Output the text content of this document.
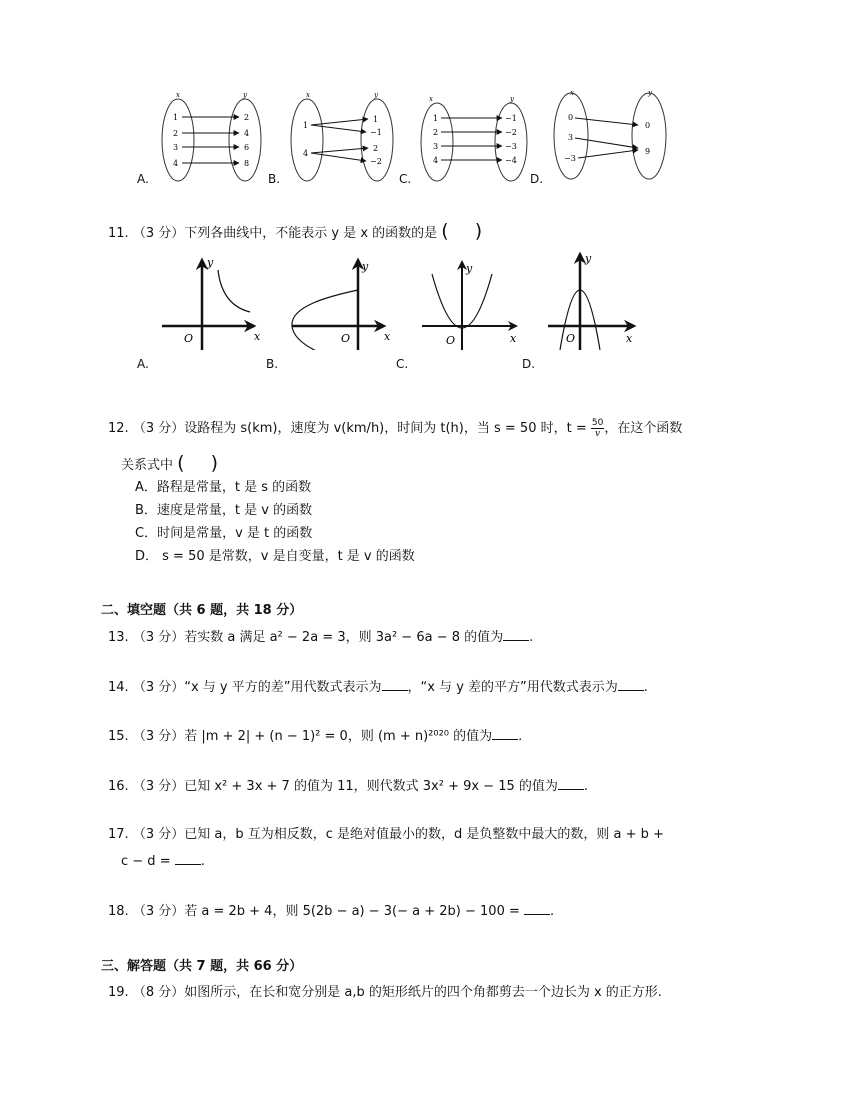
x	y
1
2
3
4
2
4
6
8
x	y
1
4
1
−1
2
−2
x	y
1
2
3
4
−1
−2
−3
−4
x	y
0
3
−3
0
9
A.	B.	C.	D.
11. （3 分）下列各曲线中，不能表示 y 是 x 的函数的是 ( )
y
x
O
y
x
O
y
x
O
y
x
O
A.	B.	C.	D.
12. （3 分）设路程为 s(km)，速度为 v(km/h)，时间为 t(h)，当 s = 50 时，$t = \frac{50}{v}$ ，在这个函数
关系式中 ( )
A．路程是常量，t 是 s 的函数
B．速度是常量，t 是 v 的函数
C．时间是常量，v 是 t 的函数
D． s = 50 是常数，v 是自变量，t 是 v 的函数
二、填空题（共 6 题，共 18 分）
13. （3 分）若实数 a 满足 a² − 2a = 3，则 3a² − 6a − 8 的值为 .
14. （3 分）“x 与 y 平方的差”用代数式表示为 ，“x 与 y 差的平方”用代数式表示为 .
15. （3 分）若 |m + 2| + (n − 1)² = 0，则 (m + n)²⁰²⁰ 的值为 .
16. （3 分）已知 x² + 3x + 7 的值为 11，则代数式 3x² + 9x − 15 的值为 .
17. （3 分）已知 a，b 互为相反数，c 是绝对值最小的数，d 是负整数中最大的数，则 a + b +
c − d = .
18. （3 分）若 a = 2b + 4，则 5(2b − a) − 3(− a + 2b) − 100 = .
三、解答题（共 7 题，共 66 分）
19. （8 分）如图所示，在长和宽分别是 a,b 的矩形纸片的四个角都剪去一个边长为 x 的正方形.
